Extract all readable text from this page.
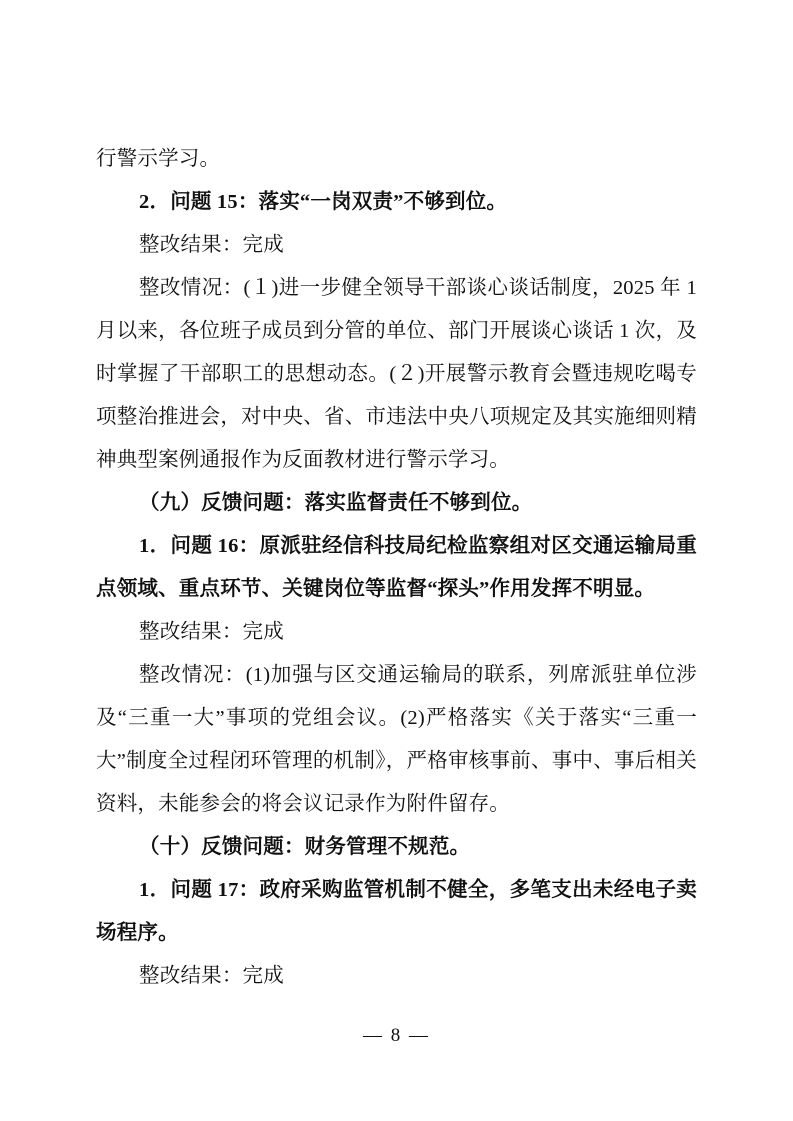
行警示学习。

2．问题 15：落实“一岗双责”不够到位。

整改结果：完成

整改情况：(１)进一步健全领导干部谈心谈话制度，2025 年 1 月以来，各位班子成员到分管的单位、部门开展谈心谈话 1 次，及时掌握了干部职工的思想动态。(２)开展警示教育会暨违规吃喝专项整治推进会，对中央、省、市违法中央八项规定及其实施细则精神典型案例通报作为反面教材进行警示学习。

（九）反馈问题：落实监督责任不够到位。

1．问题 16：原派驻经信科技局纪检监察组对区交通运输局重点领域、重点环节、关键岗位等监督“探头”作用发挥不明显。

整改结果：完成

整改情况：(1)加强与区交通运输局的联系，列席派驻单位涉及“三重一大”事项的党组会议。(2)严格落实《关于落实“三重一大”制度全过程闭环管理的机制》，严格审核事前、事中、事后相关资料，未能参会的将会议记录作为附件留存。

（十）反馈问题：财务管理不规范。

1．问题 17：政府采购监管机制不健全，多笔支出未经电子卖场程序。

整改结果：完成

— 8 —
